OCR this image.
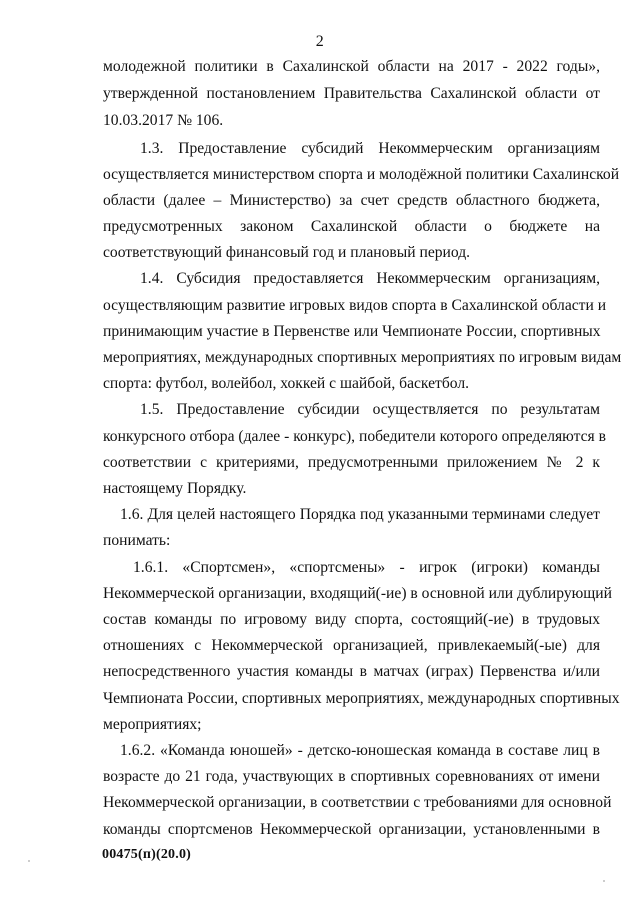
2
молодежной политики в Сахалинской области на 2017 - 2022 годы»,
утвержденной постановлением Правительства Сахалинской области от
10.03.2017 № 106.
1.3. Предоставление субсидий Некоммерческим организациям
осуществляется министерством спорта и молодёжной политики Сахалинской
области (далее – Министерство) за счет средств областного бюджета,
предусмотренных законом Сахалинской области о бюджете на
соответствующий финансовый год и плановый период.
1.4. Субсидия предоставляется Некоммерческим организациям,
осуществляющим развитие игровых видов спорта в Сахалинской области и
принимающим участие в Первенстве или Чемпионате России, спортивных
мероприятиях, международных спортивных мероприятиях по игровым видам
спорта: футбол, волейбол, хоккей с шайбой, баскетбол.
1.5. Предоставление субсидии осуществляется по результатам
конкурсного отбора (далее - конкурс), победители которого определяются в
соответствии с критериями, предусмотренными приложением № 2 к
настоящему Порядку.
1.6. Для целей настоящего Порядка под указанными терминами следует
понимать:
1.6.1. «Спортсмен», «спортсмены» - игрок (игроки) команды
Некоммерческой организации, входящий(-ие) в основной или дублирующий
состав команды по игровому виду спорта, состоящий(-ие) в трудовых
отношениях с Некоммерческой организацией, привлекаемый(-ые) для
непосредственного участия команды в матчах (играх) Первенства и/или
Чемпионата России, спортивных мероприятиях, международных спортивных
мероприятиях;
1.6.2. «Команда юношей» - детско-юношеская команда в составе лиц в
возрасте до 21 года, участвующих в спортивных соревнованиях от имени
Некоммерческой организации, в соответствии с требованиями для основной
команды спортсменов Некоммерческой организации, установленными в
00475(п)(20.0)
